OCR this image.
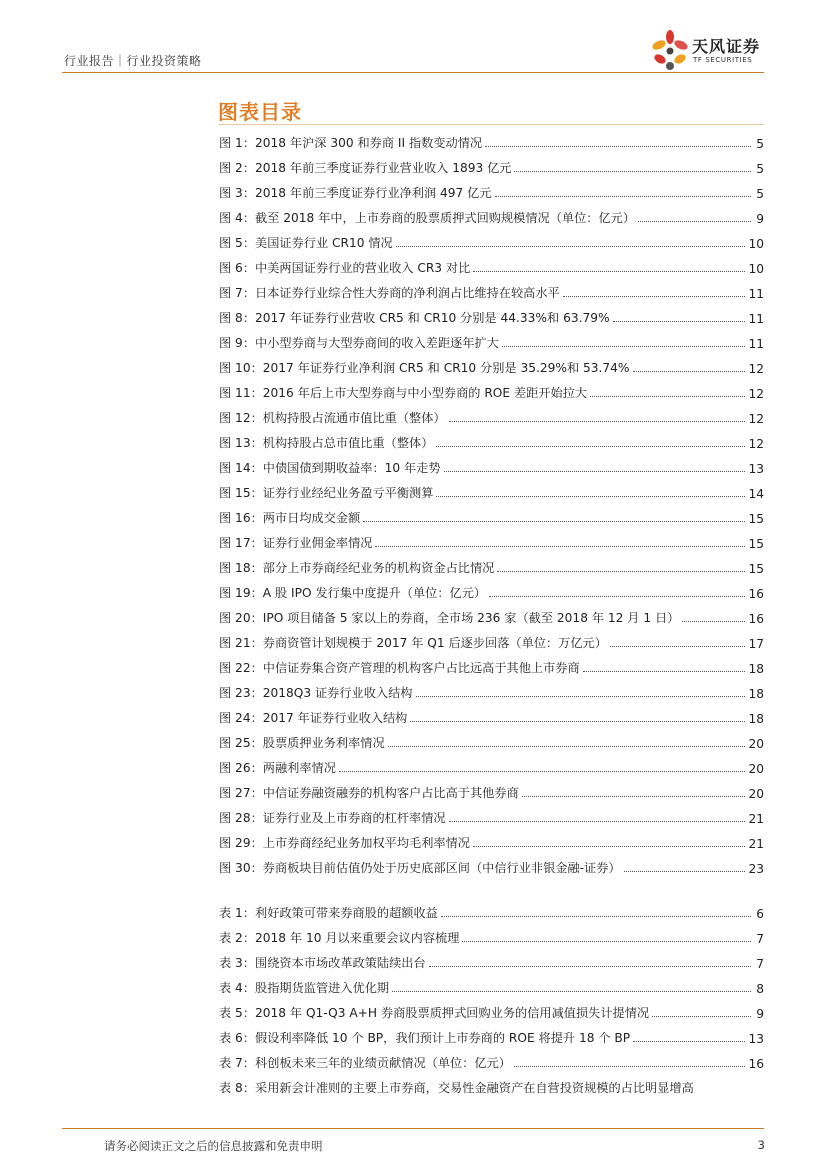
行业报告｜行业投资策略
天风证券
TF SECURITIES
图表目录
图 1：2018 年沪深 300 和券商 II 指数变动情况	5
图 2：2018 年前三季度证券行业营业收入 1893 亿元	5
图 3：2018 年前三季度证券行业净利润 497 亿元	5
图 4：截至 2018 年中，上市券商的股票质押式回购规模情况（单位：亿元）	9
图 5：美国证券行业 CR10 情况	10
图 6：中美两国证券行业的营业收入 CR3 对比	10
图 7：日本证券行业综合性大券商的净利润占比维持在较高水平	11
图 8：2017 年证券行业营收 CR5 和 CR10 分别是 44.33%和 63.79%	11
图 9：中小型券商与大型券商间的收入差距逐年扩大	11
图 10：2017 年证券行业净利润 CR5 和 CR10 分别是 35.29%和 53.74%	12
图 11：2016 年后上市大型券商与中小型券商的 ROE 差距开始拉大	12
图 12：机构持股占流通市值比重（整体）	12
图 13：机构持股占总市值比重（整体）	12
图 14：中债国债到期收益率：10 年走势	13
图 15：证券行业经纪业务盈亏平衡测算	14
图 16：两市日均成交金额	15
图 17：证券行业佣金率情况	15
图 18：部分上市券商经纪业务的机构资金占比情况	15
图 19：A 股 IPO 发行集中度提升（单位：亿元）	16
图 20：IPO 项目储备 5 家以上的券商，全市场 236 家（截至 2018 年 12 月 1 日）	16
图 21：券商资管计划规模于 2017 年 Q1 后逐步回落（单位：万亿元）	17
图 22：中信证券集合资产管理的机构客户占比远高于其他上市券商	18
图 23：2018Q3 证券行业收入结构	18
图 24：2017 年证券行业收入结构	18
图 25：股票质押业务利率情况	20
图 26：两融利率情况	20
图 27：中信证券融资融券的机构客户占比高于其他券商	20
图 28：证券行业及上市券商的杠杆率情况	21
图 29：上市券商经纪业务加权平均毛利率情况	21
图 30：券商板块目前估值仍处于历史底部区间（中信行业非银金融-证券）	23
表 1：利好政策可带来券商股的超额收益	6
表 2：2018 年 10 月以来重要会议内容梳理	7
表 3：围绕资本市场改革政策陆续出台	7
表 4：股指期货监管进入优化期	8
表 5：2018 年 Q1-Q3 A+H 券商股票质押式回购业务的信用减值损失计提情况	9
表 6：假设利率降低 10 个 BP，我们预计上市券商的 ROE 将提升 18 个 BP	13
表 7：科创板未来三年的业绩贡献情况（单位：亿元）	16
表 8：采用新会计准则的主要上市券商，交易性金融资产在自营投资规模的占比明显增高
请务必阅读正文之后的信息披露和免责申明	3
